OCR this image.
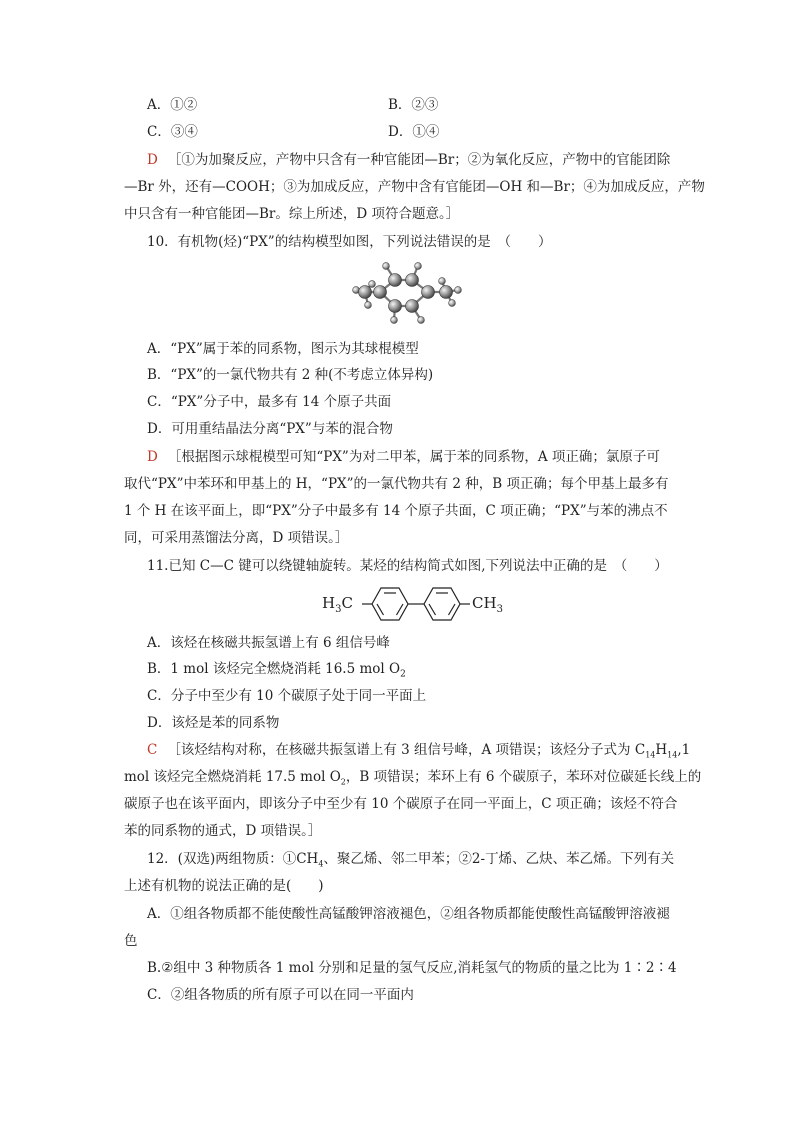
A．①②	B．②③
C．③④	D．①④
D ［①为加聚反应，产物中只含有一种官能团—Br；②为氧化反应，产物中的官能团除
—Br 外，还有—COOH；③为加成反应，产物中含有官能团—OH 和—Br；④为加成反应，产物
中只含有一种官能团—Br。综上所述，D 项符合题意。］
10．有机物(烃)“PX”的结构模型如图，下列说法错误的是　（　　）
A．“PX”属于苯的同系物，图示为其球棍模型
B．“PX”的一氯代物共有 2 种(不考虑立体异构)
C．“PX”分子中，最多有 14 个原子共面
D．可用重结晶法分离“PX”与苯的混合物
D ［根据图示球棍模型可知“PX”为对二甲苯，属于苯的同系物，A 项正确；氯原子可
取代“PX”中苯环和甲基上的 H，“PX”的一氯代物共有 2 种，B 项正确；每个甲基上最多有
1 个 H 在该平面上，即“PX”分子中最多有 14 个原子共面，C 项正确；“PX”与苯的沸点不
同，可采用蒸馏法分离，D 项错误。］
11.已知 C—C 键可以绕键轴旋转。某烃的结构简式如图,下列说法中正确的是　（　　）
$H_3C$	$CH_3$
A．该烃在核磁共振氢谱上有 6 组信号峰
B．1 mol 该烃完全燃烧消耗 16.5 mol $O_2$
C．分子中至少有 10 个碳原子处于同一平面上
D．该烃是苯的同系物
C ［该烃结构对称，在核磁共振氢谱上有 3 组信号峰，A 项错误；该烃分子式为 $C_{14}H_{14},1$
mol 该烃完全燃烧消耗 17.5 mol $O_2$，B 项错误；苯环上有 6 个碳原子，苯环对位碳延长线上的
碳原子也在该平面内，即该分子中至少有 10 个碳原子在同一平面上，C 项正确；该烃不符合
苯的同系物的通式，D 项错误。］
12．(双选)两组物质：$①CH_4$、聚乙烯、邻二甲苯；②2-丁烯、乙炔、苯乙烯。下列有关
上述有机物的说法正确的是(　　)
A．①组各物质都不能使酸性高锰酸钾溶液褪色，②组各物质都能使酸性高锰酸钾溶液褪
色
B.②组中 3 种物质各 1 mol 分别和足量的氢气反应,消耗氢气的物质的量之比为 1∶2∶4
C．②组各物质的所有原子可以在同一平面内
